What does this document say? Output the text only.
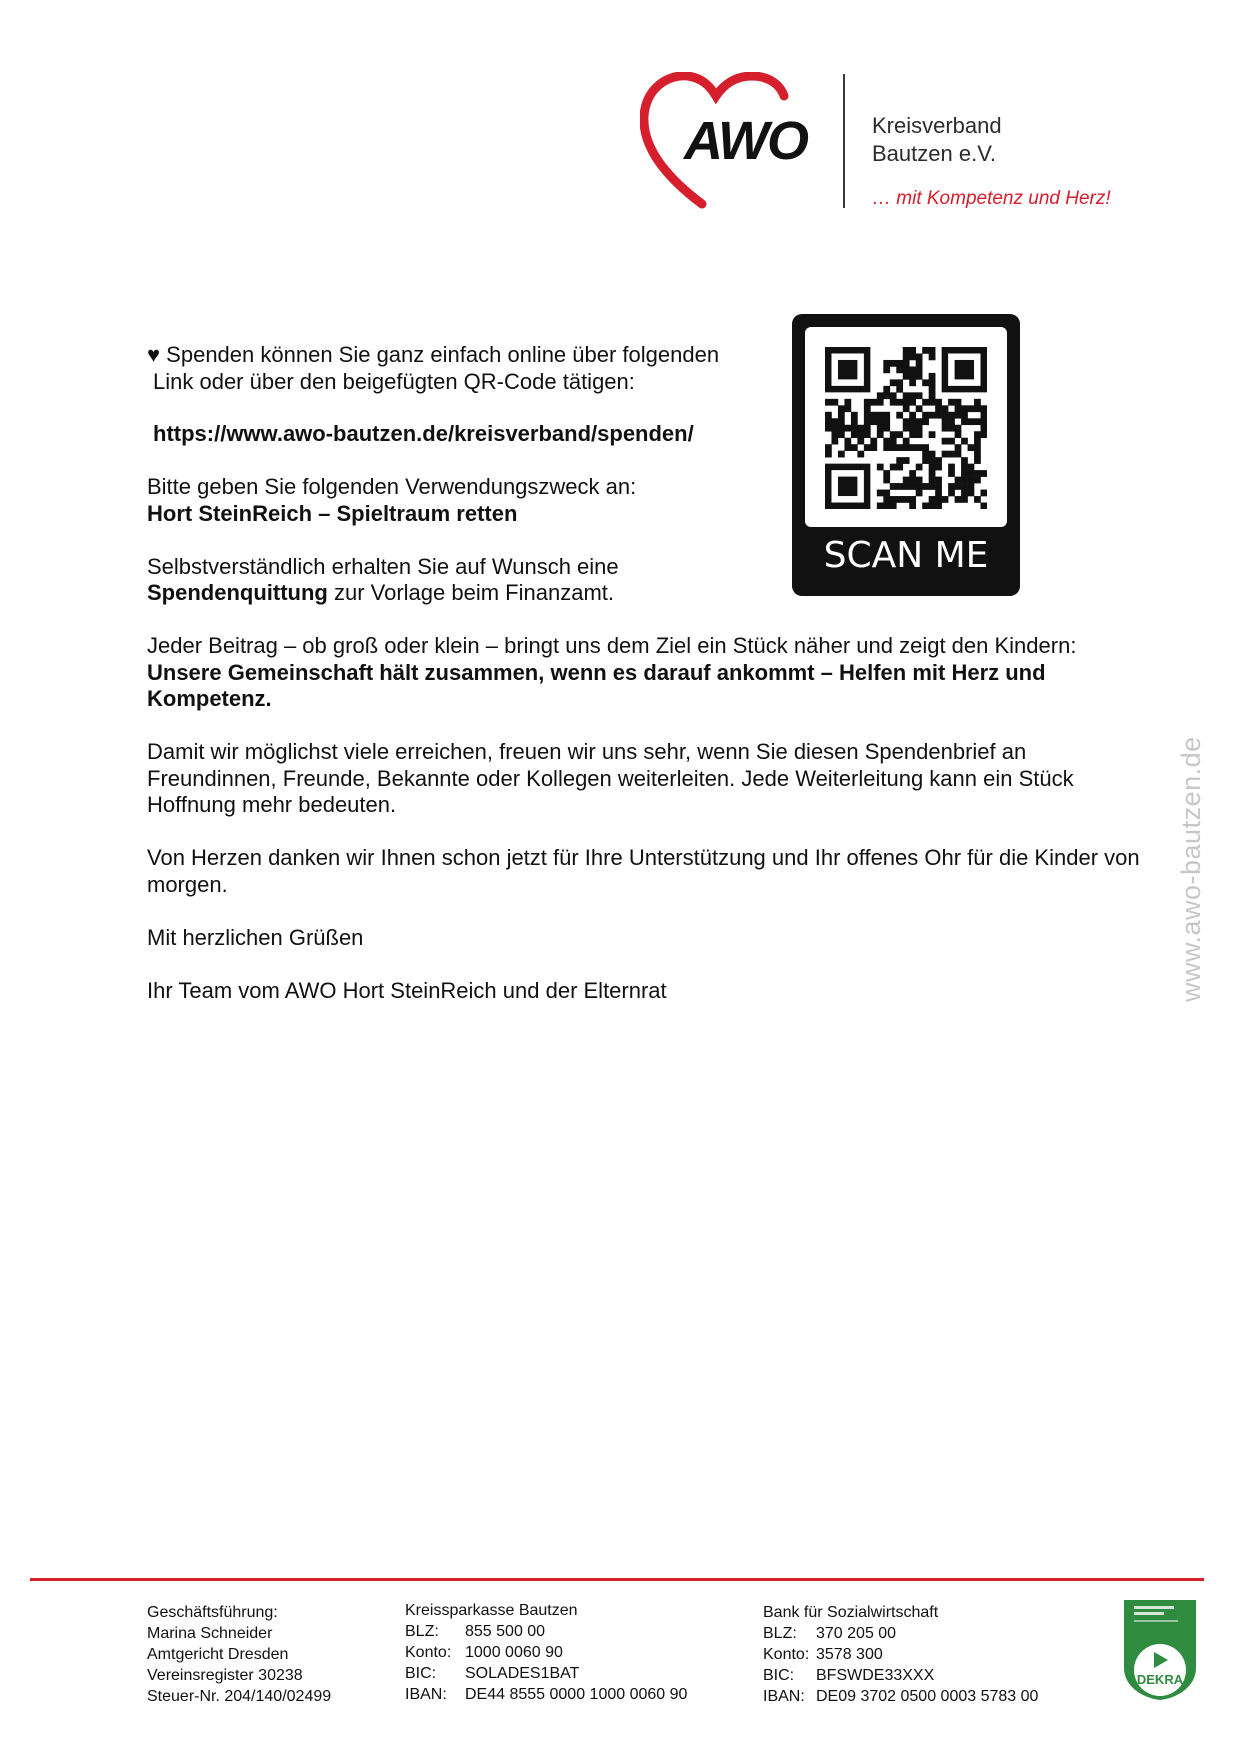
AWO	Kreisverband
Bautzen e.V.
… mit Kompetenz und Herz!
SCAN ME

♥ Spenden können Sie ganz einfach online über folgenden

Link oder über den beigefügten QR-Code tätigen:

https://www.awo-bautzen.de/kreisverband/spenden/

Bitte geben Sie folgenden Verwendungszweck an:

Hort SteinReich – Spieltraum retten

Selbstverständlich erhalten Sie auf Wunsch eine

Spendenquittung zur Vorlage beim Finanzamt.

Jeder Beitrag – ob groß oder klein – bringt uns dem Ziel ein Stück näher und zeigt den Kindern:

Unsere Gemeinschaft hält zusammen, wenn es darauf ankommt – Helfen mit Herz und Kompetenz.

Damit wir möglichst viele erreichen, freuen wir uns sehr, wenn Sie diesen Spendenbrief an Freundinnen, Freunde, Bekannte oder Kollegen weiterleiten. Jede Weiterleitung kann ein Stück Hoffnung mehr bedeuten.

Von Herzen danken wir Ihnen schon jetzt für Ihre Unterstützung und Ihr offenes Ohr für die Kinder von morgen.

Mit herzlichen Grüßen

Ihr Team vom AWO Hort SteinReich und der Elternrat	www.awo-bautzen.de
Geschäftsführung:
Marina Schneider
Amtgericht Dresden
Vereinsregister 30238
Steuer-Nr. 204/140/02499
Kreissparkasse Bautzen
BLZ: 855 500 00
Konto: 1000 0060 90
BIC: SOLADES1BAT
IBAN: DE44 8555 0000 1000 0060 90
Bank für Sozialwirtschaft
BLZ: 370 205 00
Konto: 3578 300
BIC: BFSWDE33XXX
IBAN: DE09 3702 0500 0003 5783 00
DEKRA
